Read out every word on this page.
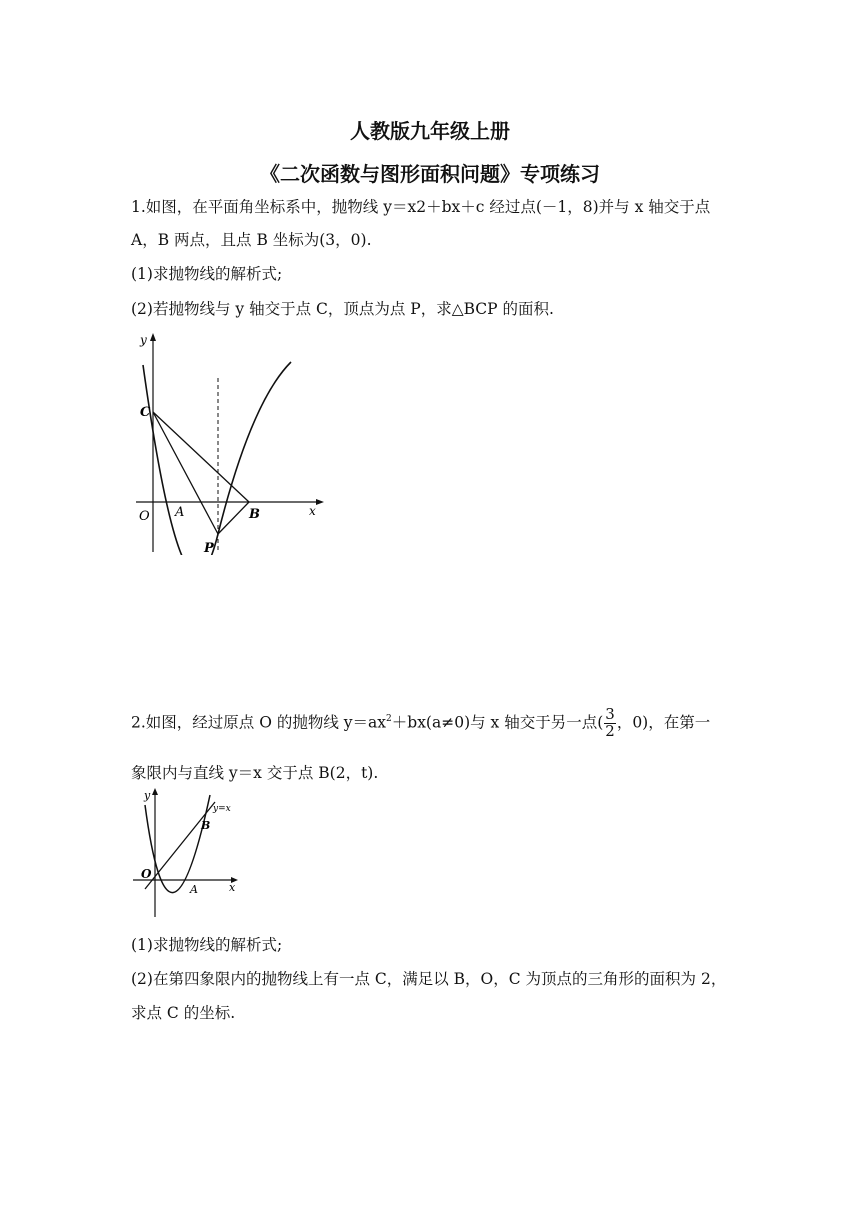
人教版九年级上册
《二次函数与图形面积问题》专项练习
1.如图，在平面角坐标系中，抛物线 y＝x2＋bx＋c 经过点(－1，8)并与 x 轴交于点
A，B 两点，且点 B 坐标为(3，0).
(1)求抛物线的解析式;
(2)若抛物线与 y 轴交于点 C，顶点为点 P，求△BCP 的面积.
y
x
O A	B
C
P
2.如图，经过原点 O 的抛物线 $y=ax^2+bx(a\ne 0)$与 x 轴交于另一点( $\frac{3}{2}$ ，0)，在第一
象限内与直线 y＝x 交于点 B(2，t).
y
x
O
A
B
y=x
(1)求抛物线的解析式;
(2)在第四象限内的抛物线上有一点 C，满足以 B，O，C 为顶点的三角形的面积为 2，
求点 C 的坐标.
